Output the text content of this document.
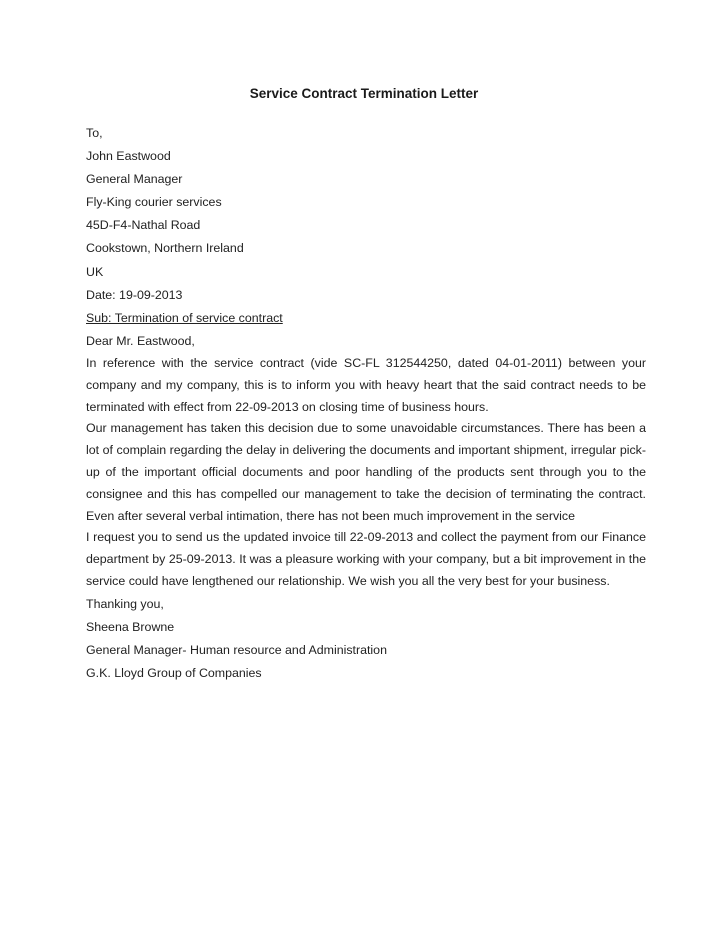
Service Contract Termination Letter
To,
John Eastwood
General Manager
Fly-King courier services
45D-F4-Nathal Road
Cookstown, Northern Ireland
UK
Date: 19-09-2013
Sub: Termination of service contract
Dear Mr. Eastwood,
In reference with the service contract (vide SC-FL 312544250, dated 04-01-2011) between your company and my company, this is to inform you with heavy heart that the said contract needs to be terminated with effect from 22-09-2013 on closing time of business hours.
Our management has taken this decision due to some unavoidable circumstances. There has been a lot of complain regarding the delay in delivering the documents and important shipment, irregular pick-up of the important official documents and poor handling of the products sent through you to the consignee and this has compelled our management to take the decision of terminating the contract. Even after several verbal intimation, there has not been much improvement in the service
I request you to send us the updated invoice till 22-09-2013 and collect the payment from our Finance department by 25-09-2013. It was a pleasure working with your company, but a bit improvement in the service could have lengthened our relationship. We wish you all the very best for your business.
Thanking you,
Sheena Browne
General Manager- Human resource and Administration
G.K. Lloyd Group of Companies
